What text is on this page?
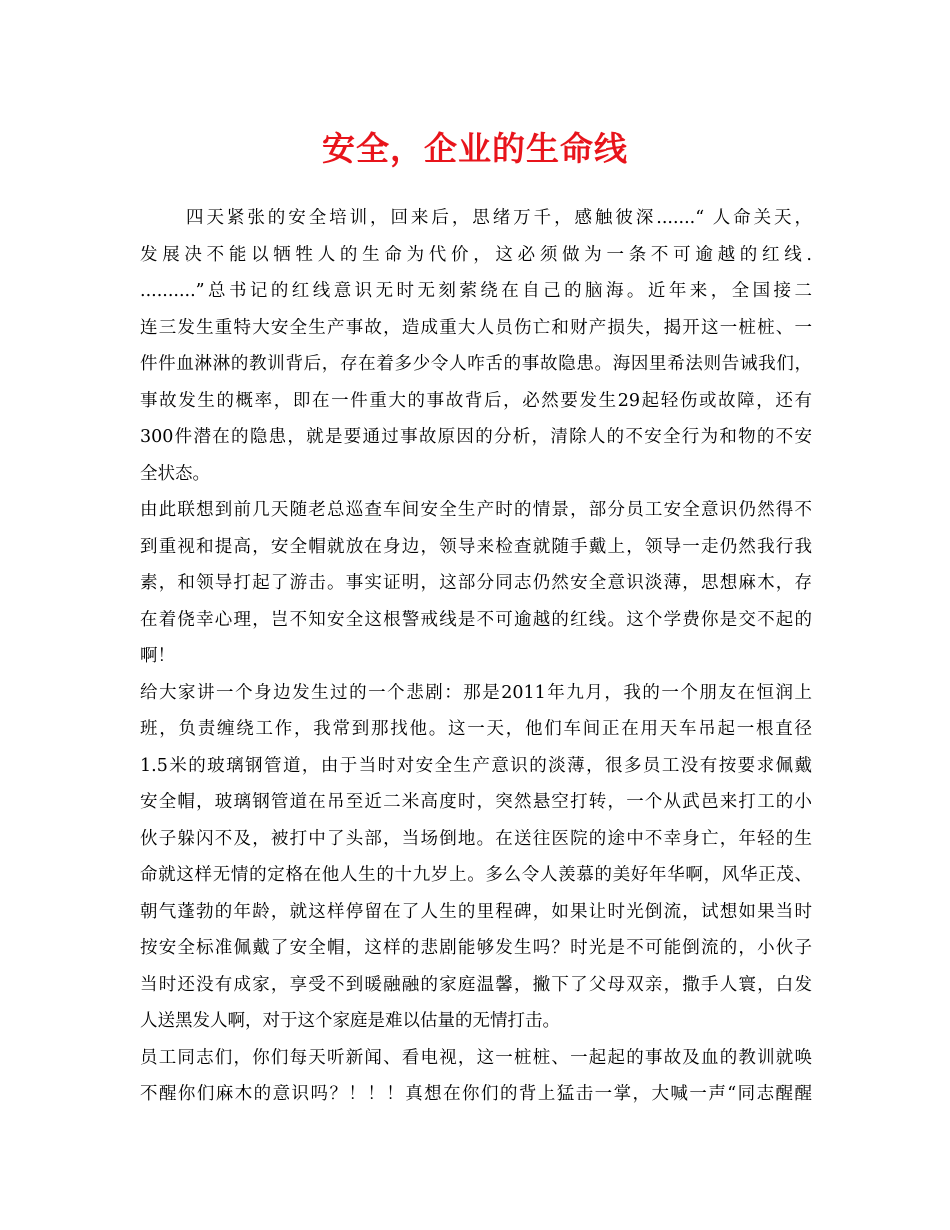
安全，企业的生命线
四天紧张的安全培训，回来后，思绪万千，感触彼深.......“ 人命关天，
发展决不能以牺牲人的生命为代价，这必须做为一条不可逾越的红线.
..........”总书记的红线意识无时无刻萦绕在自己的脑海。近年来，全国接二
连三发生重特大安全生产事故，造成重大人员伤亡和财产损失，揭开这一桩桩、一
件件血淋淋的教训背后，存在着多少令人咋舌的事故隐患。海因里希法则告诫我们，
事故发生的概率，即在一件重大的事故背后，必然要发生29起轻伤或故障，还有
300件潜在的隐患，就是要通过事故原因的分析，清除人的不安全行为和物的不安
全状态。
由此联想到前几天随老总巡查车间安全生产时的情景，部分员工安全意识仍然得不
到重视和提高，安全帽就放在身边，领导来检查就随手戴上，领导一走仍然我行我
素，和领导打起了游击。事实证明，这部分同志仍然安全意识淡薄，思想麻木，存
在着侥幸心理，岂不知安全这根警戒线是不可逾越的红线。这个学费你是交不起的
啊！
给大家讲一个身边发生过的一个悲剧：那是2011年九月，我的一个朋友在恒润上
班，负责缠绕工作，我常到那找他。这一天，他们车间正在用天车吊起一根直径
1.5米的玻璃钢管道，由于当时对安全生产意识的淡薄，很多员工没有按要求佩戴
安全帽，玻璃钢管道在吊至近二米高度时，突然悬空打转，一个从武邑来打工的小
伙子躲闪不及，被打中了头部，当场倒地。在送往医院的途中不幸身亡，年轻的生
命就这样无情的定格在他人生的十九岁上。多么令人羡慕的美好年华啊，风华正茂、
朝气蓬勃的年龄，就这样停留在了人生的里程碑，如果让时光倒流，试想如果当时
按安全标准佩戴了安全帽，这样的悲剧能够发生吗？时光是不可能倒流的，小伙子
当时还没有成家，享受不到暖融融的家庭温馨，撇下了父母双亲，撒手人寰，白发
人送黑发人啊，对于这个家庭是难以估量的无情打击。
员工同志们，你们每天听新闻、看电视，这一桩桩、一起起的事故及血的教训就唤
不醒你们麻木的意识吗？！！！真想在你们的背上猛击一掌，大喊一声“同志醒醒
